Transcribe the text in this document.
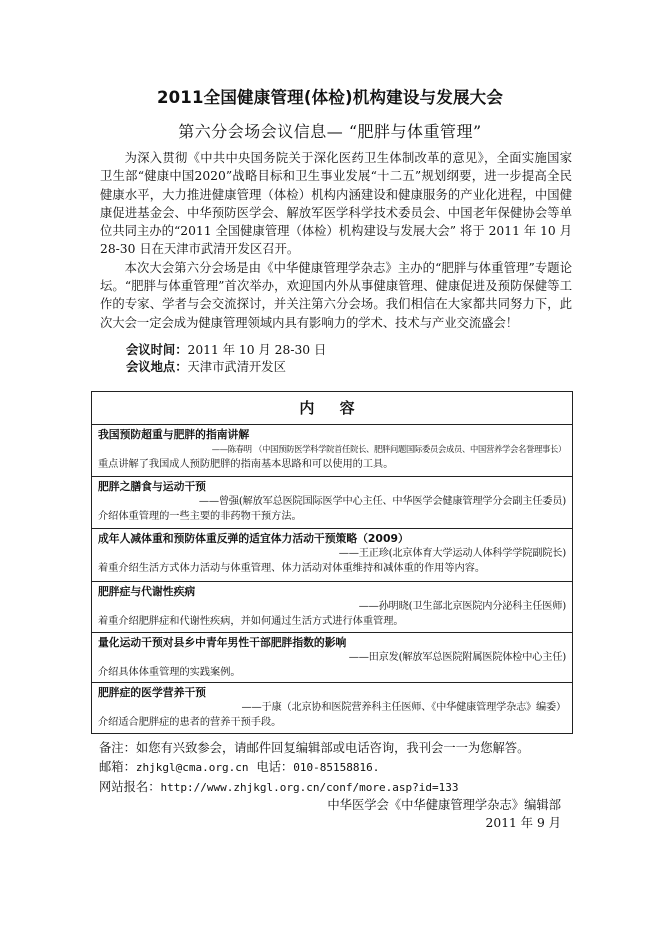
2011全国健康管理(体检)机构建设与发展大会
第六分会场会议信息— “肥胖与体重管理”

为深入贯彻《中共中央国务院关于深化医药卫生体制改革的意见》，全面实施国家卫生部“健康中国2020”战略目标和卫生事业发展“十二五”规划纲要，进一步提高全民健康水平，大力推进健康管理（体检）机构内涵建设和健康服务的产业化进程，中国健康促进基金会、中华预防医学会、解放军医学科学技术委员会、中国老年保健协会等单位共同主办的“2011 全国健康管理（体检）机构建设与发展大会” 将于 2011 年 10 月 28-30 日在天津市武清开发区召开。

本次大会第六分会场是由《中华健康管理学杂志》主办的“肥胖与体重管理”专题论坛。“肥胖与体重管理”首次举办，欢迎国内外从事健康管理、健康促进及预防保健等工作的专家、学者与会交流探讨，并关注第六分会场。我们相信在大家都共同努力下，此次大会一定会成为健康管理领域内具有影响力的学术、技术与产业交流盛会！

会议时间：2011 年 10 月 28-30 日
会议地点：天津市武清开发区
内 容
我国预防超重与肥胖的指南讲解
——陈春明 （中国预防医学科学院首任院长、肥胖问题国际委员会成员、中国营养学会名誉理事长）
重点讲解了我国成人预防肥胖的指南基本思路和可以使用的工具。
肥胖之膳食与运动干预
——曾强(解放军总医院国际医学中心主任、中华医学会健康管理学分会副主任委员)
介绍体重管理的一些主要的非药物干预方法。
成年人减体重和预防体重反弹的适宜体力活动干预策略（2009）
——王正珍(北京体育大学运动人体科学学院副院长)
着重介绍生活方式体力活动与体重管理、体力活动对体重维持和减体重的作用等内容。
肥胖症与代谢性疾病
——孙明晓(卫生部北京医院内分泌科主任医师)
着重介绍肥胖症和代谢性疾病，并如何通过生活方式进行体重管理。
量化运动干预对县乡中青年男性干部肥胖指数的影响
——田京发(解放军总医院附属医院体检中心主任)
介绍具体体重管理的实践案例。
肥胖症的医学营养干预
——于康（北京协和医院营养科主任医师、《中华健康管理学杂志》编委）
介绍适合肥胖症的患者的营养干预手段。
备注：如您有兴致参会，请邮件回复编辑部或电话咨询，我刊会一一为您解答。
邮箱：zhjkgl@cma.org.cn 电话：010-85158816.
网站报名：http://www.zhjkgl.org.cn/conf/more.asp?id=133
中华医学会《中华健康管理学杂志》编辑部
2011 年 9 月
